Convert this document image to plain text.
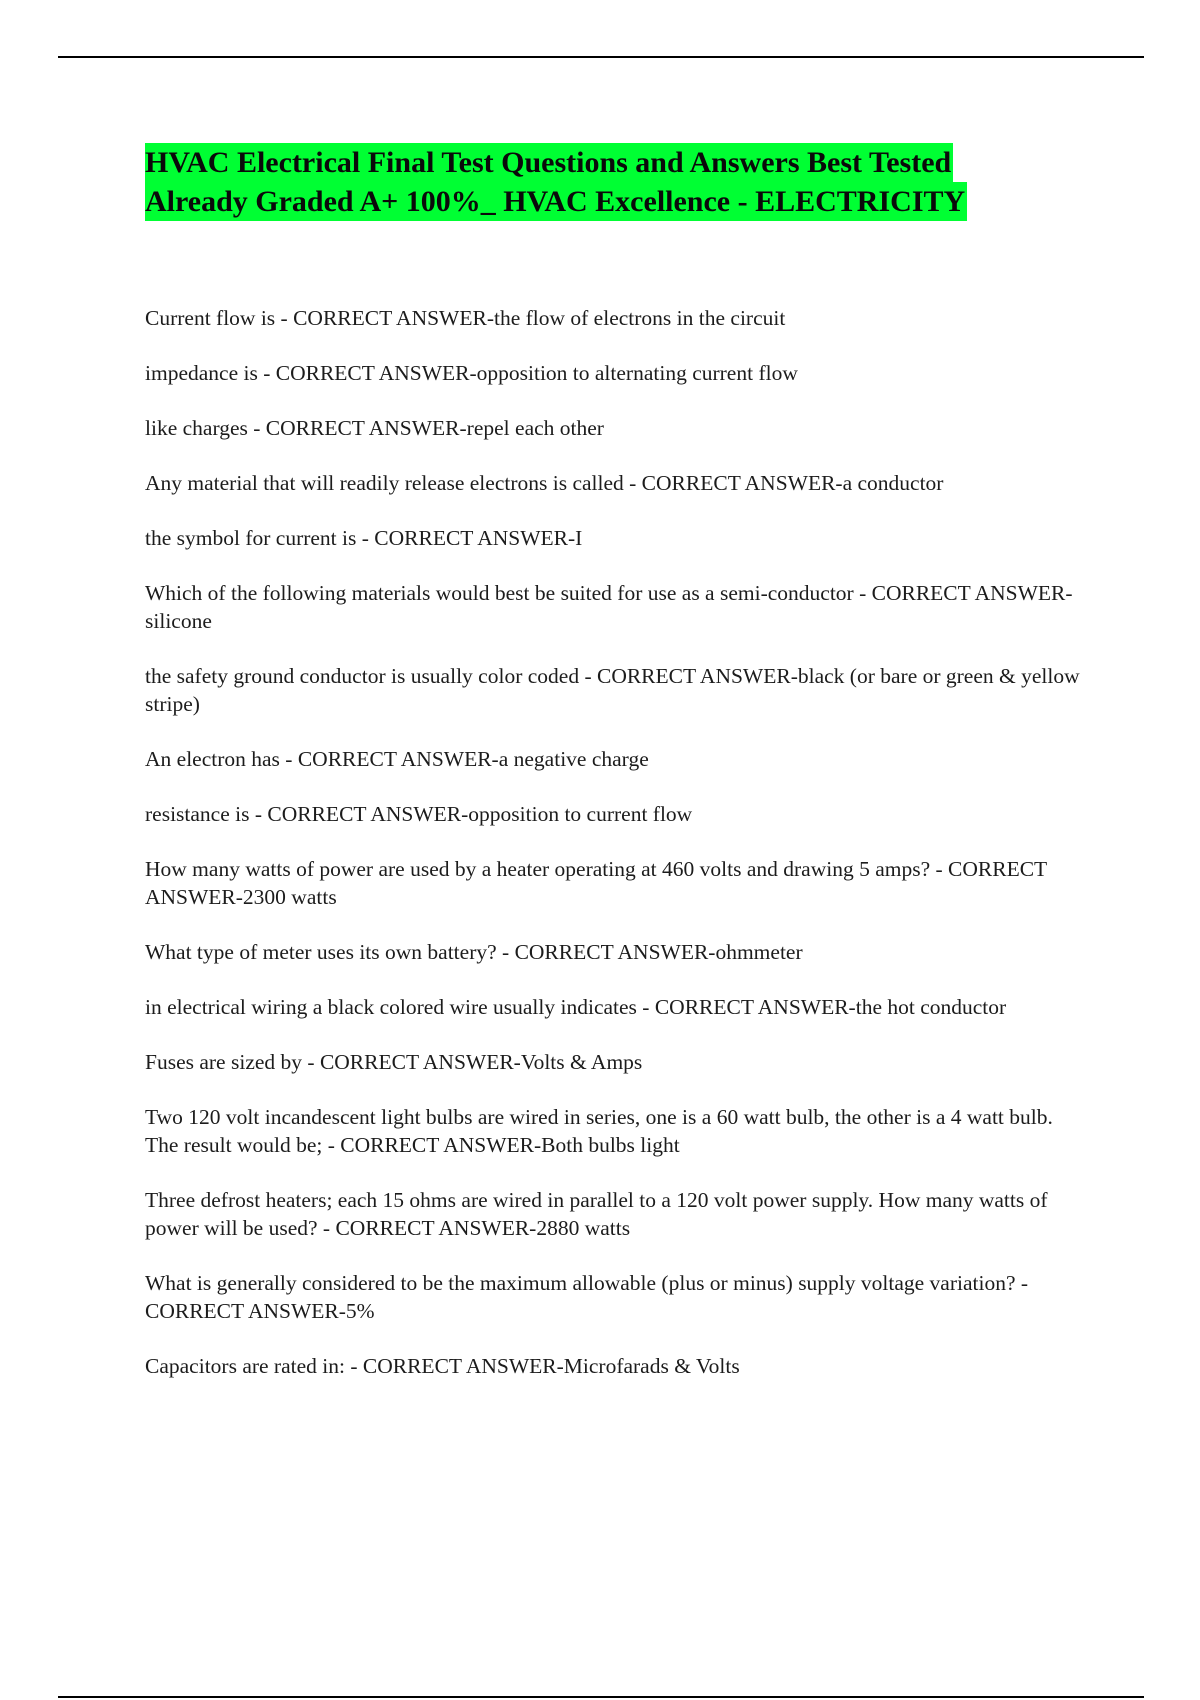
HVAC Electrical Final Test Questions and Answers Best Tested
Already Graded A+ 100%_ HVAC Excellence - ELECTRICITY
Current flow is - CORRECT ANSWER-the flow of electrons in the circuit
impedance is - CORRECT ANSWER-opposition to alternating current flow
like charges - CORRECT ANSWER-repel each other
Any material that will readily release electrons is called - CORRECT ANSWER-a conductor
the symbol for current is - CORRECT ANSWER-I
Which of the following materials would best be suited for use as a semi-conductor - CORRECT ANSWER-silicone
the safety ground conductor is usually color coded - CORRECT ANSWER-black (or bare or green & yellow stripe)
An electron has - CORRECT ANSWER-a negative charge
resistance is - CORRECT ANSWER-opposition to current flow
How many watts of power are used by a heater operating at 460 volts and drawing 5 amps? - CORRECT ANSWER-2300 watts
What type of meter uses its own battery? - CORRECT ANSWER-ohmmeter
in electrical wiring a black colored wire usually indicates - CORRECT ANSWER-the hot conductor
Fuses are sized by - CORRECT ANSWER-Volts & Amps
Two 120 volt incandescent light bulbs are wired in series, one is a 60 watt bulb, the other is a 4 watt bulb. The result would be; - CORRECT ANSWER-Both bulbs light
Three defrost heaters; each 15 ohms are wired in parallel to a 120 volt power supply. How many watts of power will be used? - CORRECT ANSWER-2880 watts
What is generally considered to be the maximum allowable (plus or minus) supply voltage variation? - CORRECT ANSWER-5%
Capacitors are rated in: - CORRECT ANSWER-Microfarads & Volts
